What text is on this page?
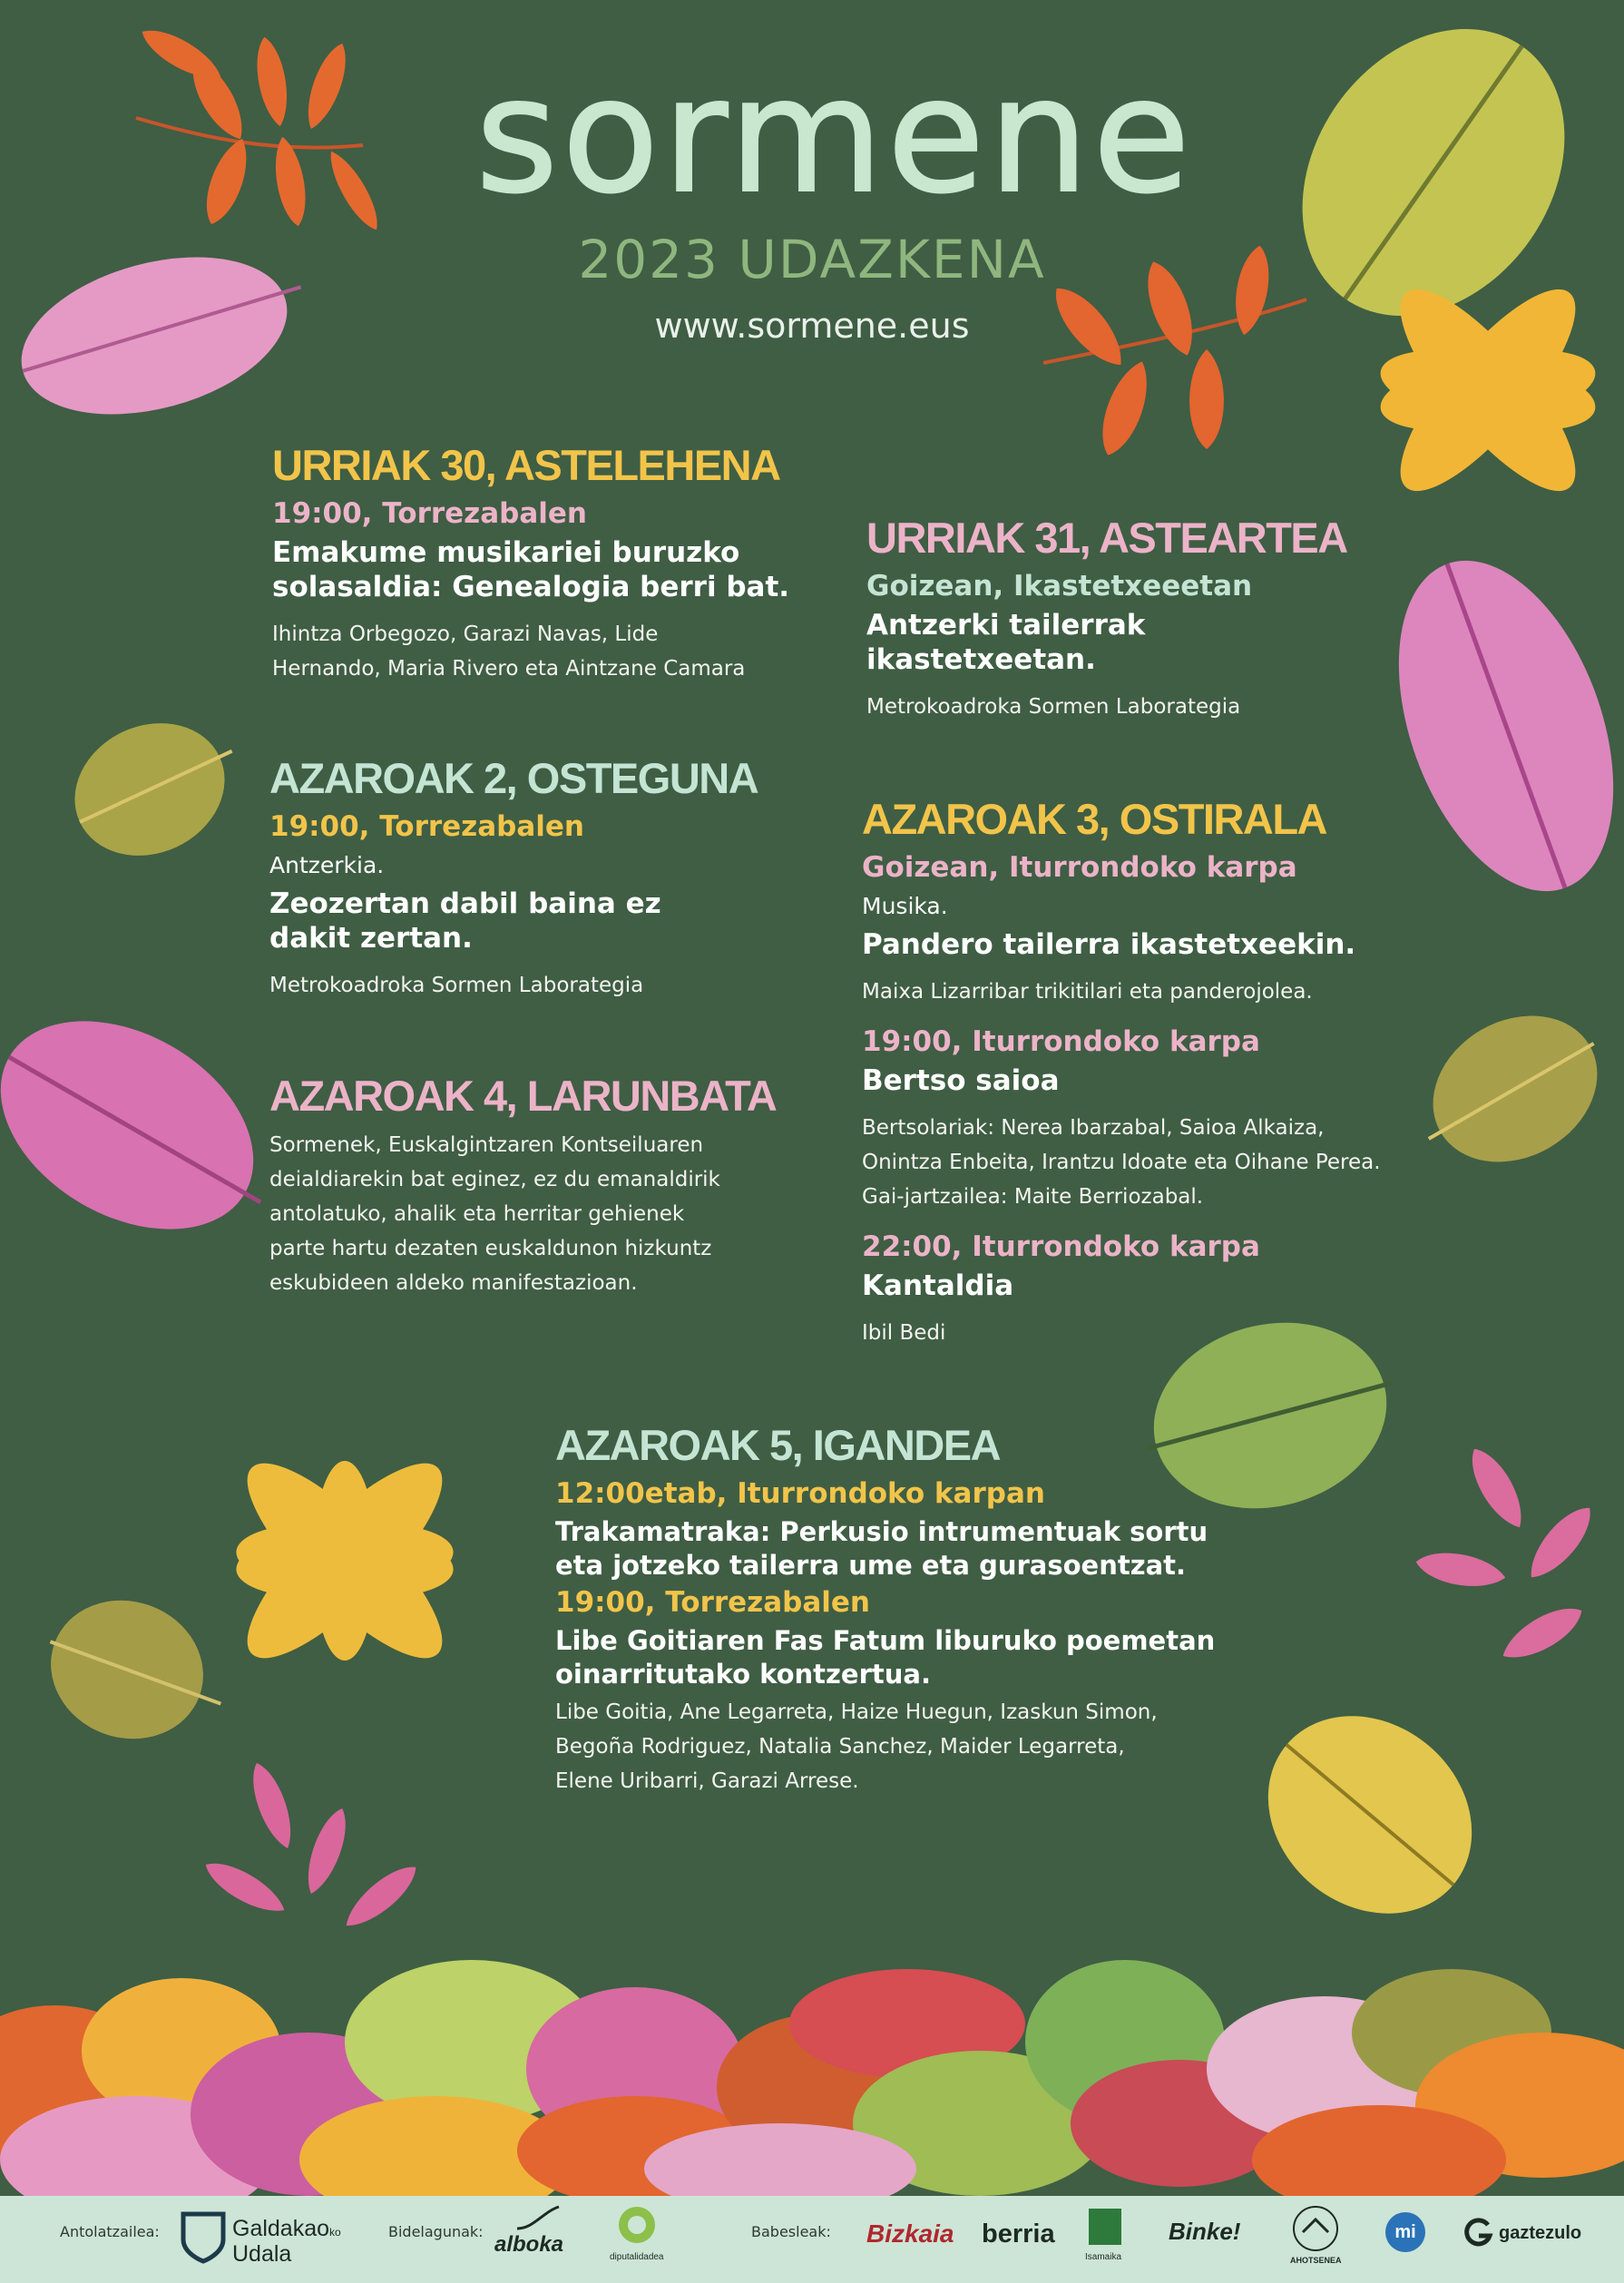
sormene
2023 UDAZKENA
www.sormene.eus
URRIAK 30, ASTELEHENA
19:00, Torrezabalen
Emakume musikariei buruzko
solasaldia: Genealogia berri bat.
Ihintza Orbegozo, Garazi Navas, Lide
Hernando, Maria Rivero eta Aintzane Camara
URRIAK 31, ASTEARTEA
Goizean, Ikastetxeeetan
Antzerki tailerrak
ikastetxeetan.
Metrokoadroka Sormen Laborategia
AZAROAK 2, OSTEGUNA
19:00, Torrezabalen
Antzerkia.
Zeozertan dabil baina ez
dakit zertan.
Metrokoadroka Sormen Laborategia
AZAROAK 3, OSTIRALA
Goizean, Iturrondoko karpa
Musika.
Pandero tailerra ikastetxeekin.
Maixa Lizarribar trikitilari eta panderojolea.
19:00, Iturrondoko karpa
Bertso saioa
Bertsolariak: Nerea Ibarzabal, Saioa Alkaiza,
Onintza Enbeita, Irantzu Idoate eta Oihane Perea.
Gai-jartzailea: Maite Berriozabal.
22:00, Iturrondoko karpa
Kantaldia
Ibil Bedi
AZAROAK 4, LARUNBATA
Sormenek, Euskalgintzaren Kontseiluaren
deialdiarekin bat eginez, ez du emanaldirik
antolatuko, ahalik eta herritar gehienek
parte hartu dezaten euskaldunon hizkuntz
eskubideen aldeko manifestazioan.
AZAROAK 5, IGANDEA
12:00etab, Iturrondoko karpan
Trakamatraka: Perkusio intrumentuak sortu
eta jotzeko tailerra ume eta gurasoentzat.
19:00, Torrezabalen
Libe Goitiaren Fas Fatum liburuko poemetan
oinarritutako kontzertua.
Libe Goitia, Ane Legarreta, Haize Huegun, Izaskun Simon,
Begoña Rodriguez, Natalia Sanchez, Maider Legarreta,
Elene Uribarri, Garazi Arrese.
Antolatzailea:	Galdakaoko
Udala
Bidelagunak:
alboka
diputalidadea
Babesleak: Bizkaia berria
Isamaika
Binke!
AHOTSENEA
mi	gaztezulo
